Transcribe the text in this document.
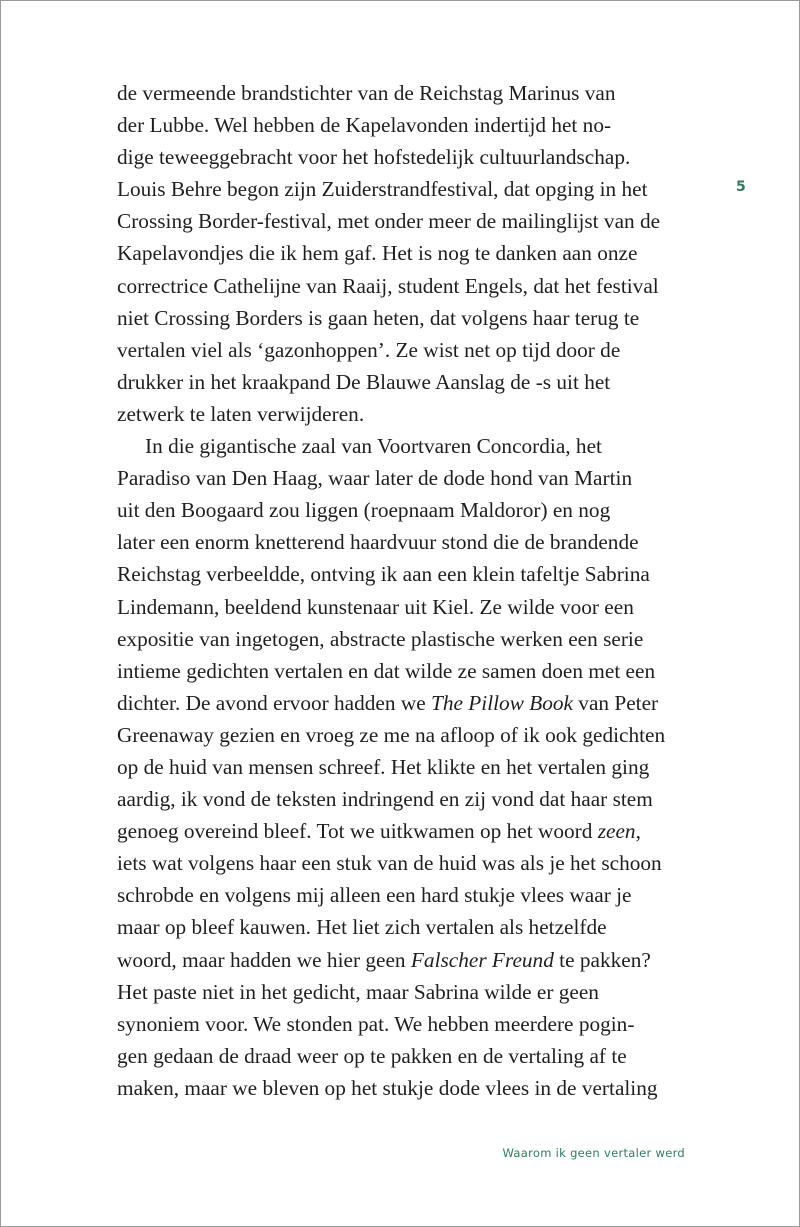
de vermeende brandstichter van de Reichstag Marinus van
der Lubbe. Wel hebben de Kapelavonden indertijd het no-
dige teweeggebracht voor het hofstedelijk cultuurlandschap.
Louis Behre begon zijn Zuiderstrandfestival, dat opging in het
Crossing Border-festival, met onder meer de mailinglijst van de
Kapelavondjes die ik hem gaf. Het is nog te danken aan onze
correctrice Cathelijne van Raaij, student Engels, dat het festival
niet Crossing Borders is gaan heten, dat volgens haar terug te
vertalen viel als ‘gazonhoppen’. Ze wist net op tijd door de
drukker in het kraakpand De Blauwe Aanslag de -s uit het
zetwerk te laten verwijderen.
In die gigantische zaal van Voortvaren Concordia, het
Paradiso van Den Haag, waar later de dode hond van Martin
uit den Boogaard zou liggen (roepnaam Maldoror) en nog
later een enorm knetterend haardvuur stond die de brandende
Reichstag verbeeldde, ontving ik aan een klein tafeltje Sabrina
Lindemann, beeldend kunstenaar uit Kiel. Ze wilde voor een
expositie van ingetogen, abstracte plastische werken een serie
intieme gedichten vertalen en dat wilde ze samen doen met een
dichter. De avond ervoor hadden we The Pillow Book van Peter
Greenaway gezien en vroeg ze me na afloop of ik ook gedichten
op de huid van mensen schreef. Het klikte en het vertalen ging
aardig, ik vond de teksten indringend en zij vond dat haar stem
genoeg overeind bleef. Tot we uitkwamen op het woord zeen,
iets wat volgens haar een stuk van de huid was als je het schoon
schrobde en volgens mij alleen een hard stukje vlees waar je
maar op bleef kauwen. Het liet zich vertalen als hetzelfde
woord, maar hadden we hier geen Falscher Freund te pakken?
Het paste niet in het gedicht, maar Sabrina wilde er geen
synoniem voor. We stonden pat. We hebben meerdere pogin-
gen gedaan de draad weer op te pakken en de vertaling af te
maken, maar we bleven op het stukje dode vlees in de vertaling
5
Waarom ik geen vertaler werd
